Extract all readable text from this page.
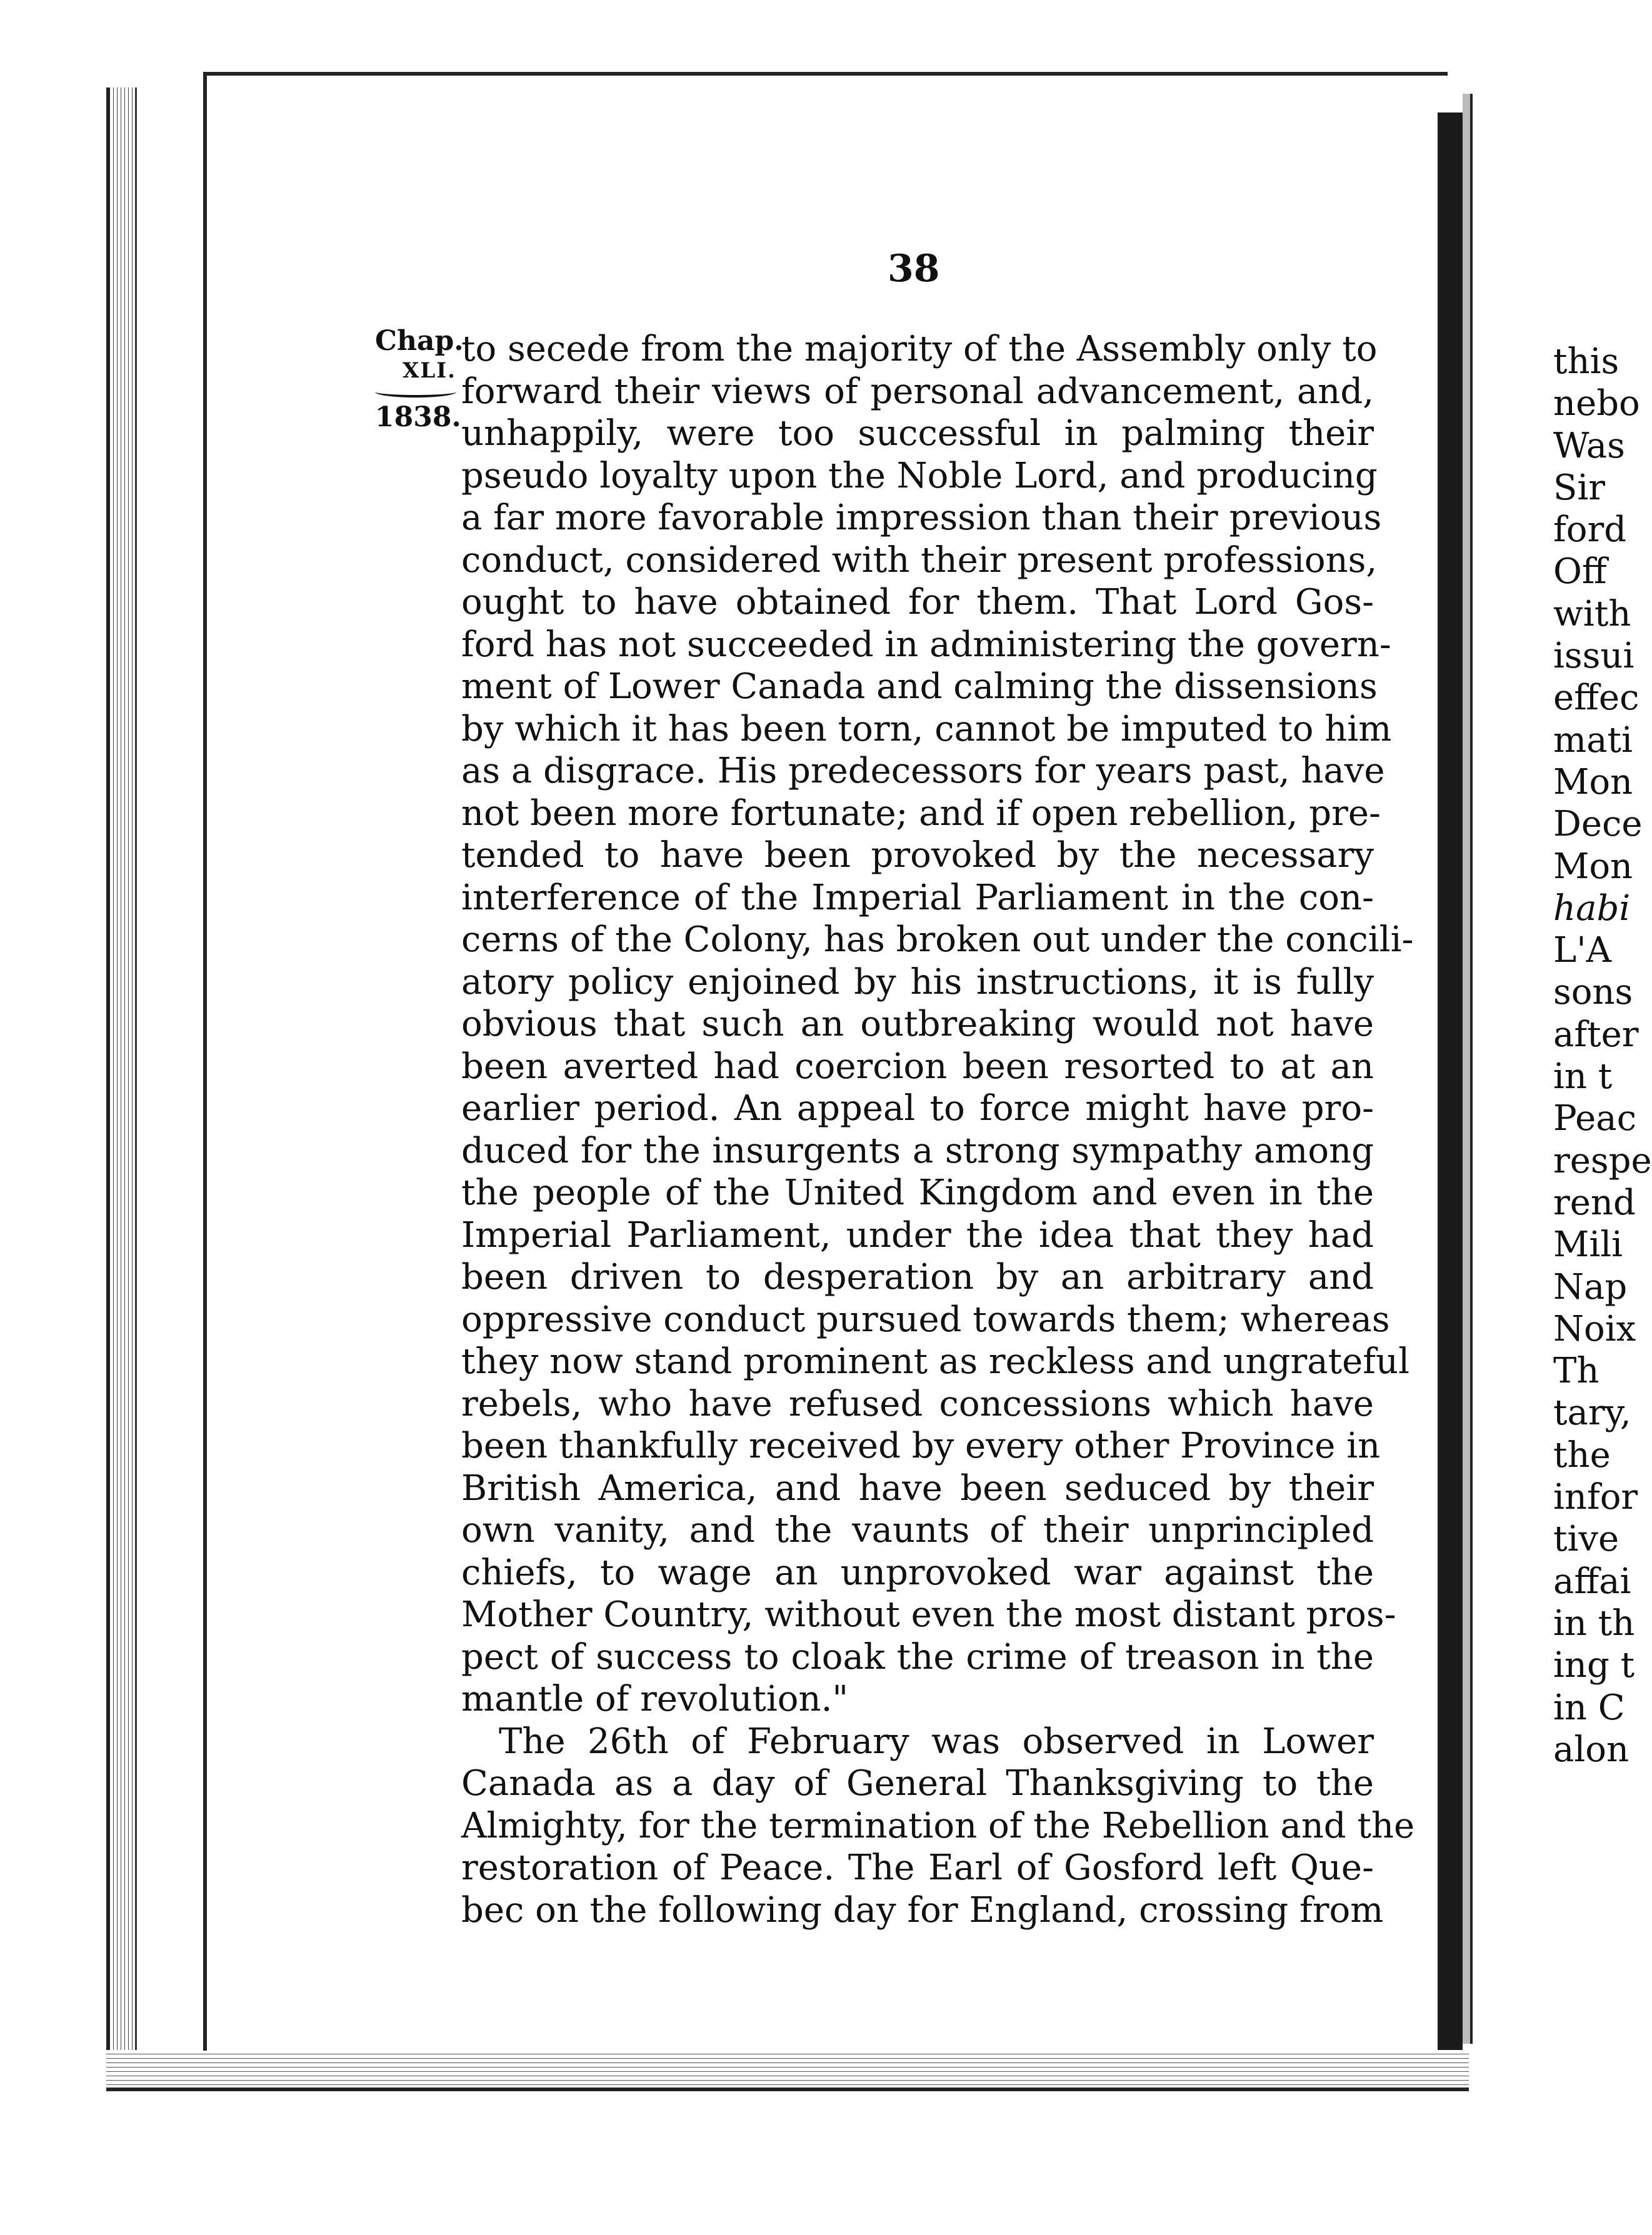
38
Chap.
XLI.
1838.
to secede from the majority of the Assembly only to
forward their views of personal advancement, and,
unhappily, were too successful in palming their
pseudo loyalty upon the Noble Lord, and producing
a far more favorable impression than their previous
conduct, considered with their present professions,
ought to have obtained for them. That Lord Gos-
ford has not succeeded in administering the govern-
ment of Lower Canada and calming the dissensions
by which it has been torn, cannot be imputed to him
as a disgrace. His predecessors for years past, have
not been more fortunate; and if open rebellion, pre-
tended to have been provoked by the necessary
interference of the Imperial Parliament in the con-
cerns of the Colony, has broken out under the concili-
atory policy enjoined by his instructions, it is fully
obvious that such an outbreaking would not have
been averted had coercion been resorted to at an
earlier period. An appeal to force might have pro-
duced for the insurgents a strong sympathy among
the people of the United Kingdom and even in the
Imperial Parliament, under the idea that they had
been driven to desperation by an arbitrary and
oppressive conduct pursued towards them; whereas
they now stand prominent as reckless and ungrateful
rebels, who have refused concessions which have
been thankfully received by every other Province in
British America, and have been seduced by their
own vanity, and the vaunts of their unprincipled
chiefs, to wage an unprovoked war against the
Mother Country, without even the most distant pros-
pect of success to cloak the crime of treason in the
mantle of revolution."
The 26th of February was observed in Lower
Canada as a day of General Thanksgiving to the
Almighty, for the termination of the Rebellion and the
restoration of Peace. The Earl of Gosford left Que-
bec on the following day for England, crossing from
this
nebo
Was
Sir
ford
Off
with
issui
effec
mati
Mon
Dece
Mon
habi
L'A
sons
after
in t
Peac
respe
rend
Mili
Nap
Noix
Th
tary,
the
infor
tive
affai
in th
ing t
in C
alon
